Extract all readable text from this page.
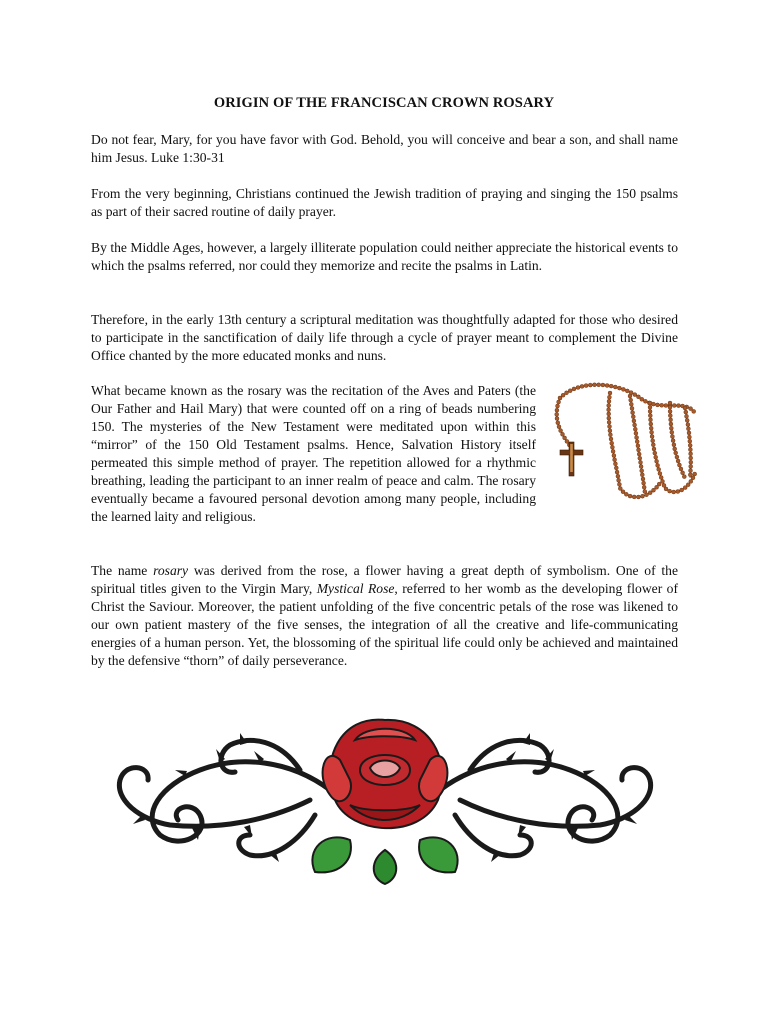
ORIGIN OF THE FRANCISCAN CROWN ROSARY

Do not fear, Mary, for you have favor with God. Behold, you will conceive and bear a son, and shall name him Jesus. Luke 1:30-31

From the very beginning, Christians continued the Jewish tradition of praying and singing the 150 psalms as part of their sacred routine of daily prayer.

By the Middle Ages, however, a largely illiterate population could neither appreciate the historical events to which the psalms referred, nor could they memorize and recite the psalms in Latin.

Therefore, in the early 13th century a scriptural meditation was thoughtfully adapted for those who desired to participate in the sanctification of daily life through a cycle of prayer meant to complement the Divine Office chanted by the more educated monks and nuns.

What became known as the rosary was the recitation of the Aves and Paters (the Our Father and Hail Mary) that were counted off on a ring of beads numbering 150. The mysteries of the New Testament were meditated upon within this “mirror” of the 150 Old Testament psalms. Hence, Salvation History itself permeated this simple method of prayer. The repetition allowed for a rhythmic breathing, leading the participant to an inner realm of peace and calm. The rosary eventually became a favoured personal devotion among many people, including the learned laity and religious.

The name rosary was derived from the rose, a flower having a great depth of symbolism. One of the spiritual titles given to the Virgin Mary, Mystical Rose, referred to her womb as the developing flower of Christ the Saviour. Moreover, the patient unfolding of the five concentric petals of the rose was likened to our own patient mastery of the five senses, the integration of all the creative and life-communicating energies of a human person. Yet, the blossoming of the spiritual life could only be achieved and maintained by the defensive “thorn” of daily perseverance.
